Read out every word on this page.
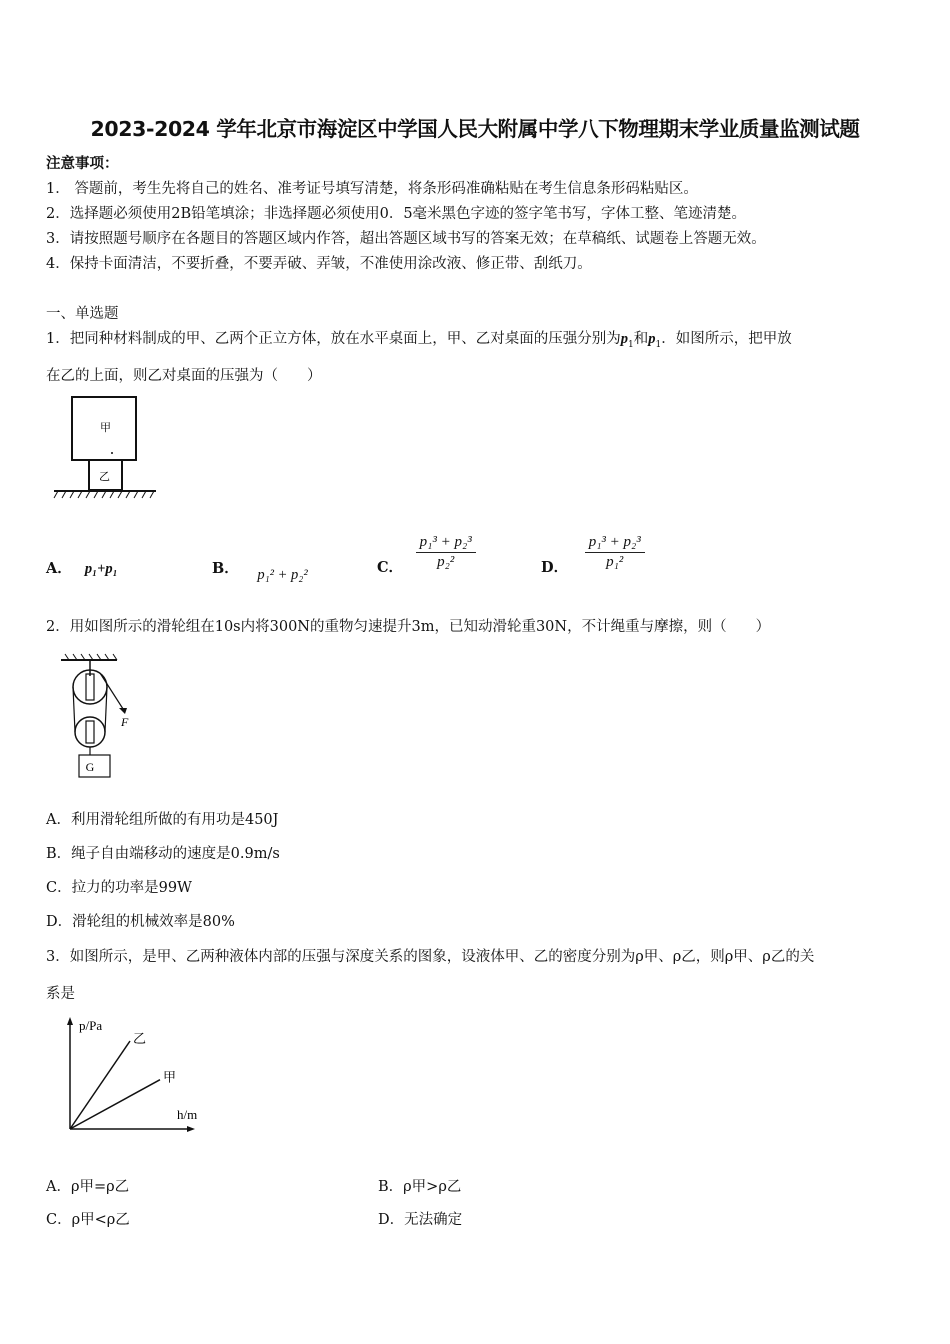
2023-2024 学年北京市海淀区中学国人民大附属中学八下物理期末学业质量监测试题
注意事项：
1． 答题前，考生先将自己的姓名、准考证号填写清楚，将条形码准确粘贴在考生信息条形码粘贴区。
2．选择题必须使用2B铅笔填涂；非选择题必须使用0．5毫米黑色字迹的签字笔书写，字体工整、笔迹清楚。
3．请按照题号顺序在各题目的答题区域内作答，超出答题区域书写的答案无效；在草稿纸、试题卷上答题无效。
4．保持卡面清洁，不要折叠，不要弄破、弄皱，不准使用涂改液、修正带、刮纸刀。
一、单选题
1．把同种材料制成的甲、乙两个正立方体，放在水平桌面上，甲、乙对桌面的压强分别为$p_1$和$p_1$．如图所示，把甲放
在乙的上面，则乙对桌面的压强为（　　）
甲
乙
A． p₁+p₁	B． p₁² + p₂²	C． $\frac{\text{p₁³ + p₂³}}{\text{p₂²}}$	D． $\frac{\text{p₁³ + p₂³}}{\text{p₁²}}$
2．用如图所示的滑轮组在10s内将300N的重物匀速提升3m，已知动滑轮重30N，不计绳重与摩擦，则（　　）
F
G
A．利用滑轮组所做的有用功是450J
B．绳子自由端移动的速度是0.9m/s
C．拉力的功率是99W
D．滑轮组的机械效率是80%
3．如图所示，是甲、乙两种液体内部的压强与深度关系的图象，设液体甲、乙的密度分别为ρ甲、ρ乙，则ρ甲、ρ乙的关
系是
p/Pa
h/m
乙
甲
A．ρ甲=ρ乙	B．ρ甲>ρ乙
C．ρ甲<ρ乙	D．无法确定
